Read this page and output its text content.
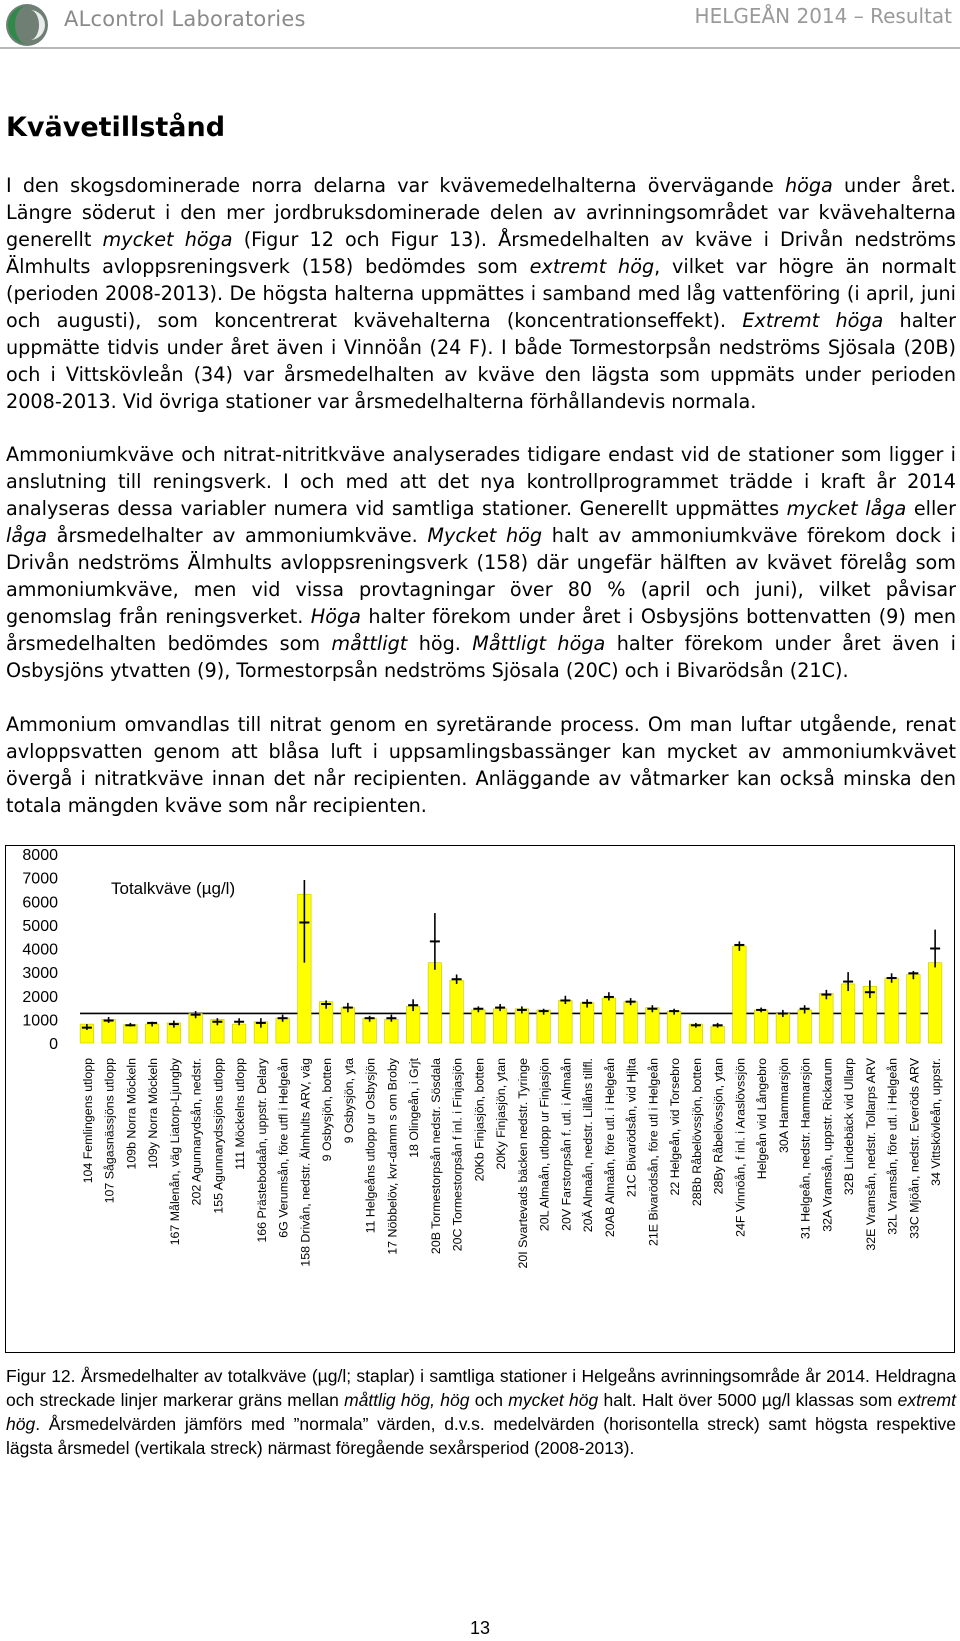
ALcontrol Laboratories	HELGEÅN 2014 – Resultat
Kvävetillstånd

I den skogsdominerade norra delarna var kvävemedelhalterna övervägande höga under året. Längre söderut i den mer jordbruksdominerade delen av avrinningsområdet var kvävehalterna generellt mycket höga (Figur 12 och Figur 13). Årsmedelhalten av kväve i Drivån nedströms Älmhults avloppsreningsverk (158) bedömdes som extremt hög, vilket var högre än normalt (perioden 2008-2013). De högsta halterna uppmättes i samband med låg vattenföring (i april, juni och augusti), som koncentrerat kvävehalterna (koncentrationseffekt). Extremt höga halter uppmätte tidvis under året även i Vinnöån (24 F). I både Tormestorpsån nedströms Sjösala (20B) och i Vittskövleån (34) var årsmedelhalten av kväve den lägsta som uppmäts under perioden 2008-2013. Vid övriga stationer var årsmedelhalterna förhållandevis normala.

Ammoniumkväve och nitrat-nitritkväve analyserades tidigare endast vid de stationer som ligger i anslutning till reningsverk. I och med att det nya kontrollprogrammet trädde i kraft år 2014 analyseras dessa variabler numera vid samtliga stationer. Generellt uppmättes mycket låga eller låga årsmedelhalter av ammoniumkväve. Mycket hög halt av ammoniumkväve förekom dock i Drivån nedströms Älmhults avloppsreningsverk (158) där ungefär hälften av kvävet förelåg som ammoniumkväve, men vid vissa provtagningar över 80 % (april och juni), vilket påvisar genomslag från reningsverket. Höga halter förekom under året i Osbysjöns bottenvatten (9) men årsmedelhalten bedömdes som måttligt hög. Måttligt höga halter förekom under året även i Osbysjöns ytvatten (9), Tormestorpsån nedströms Sjösala (20C) och i Bivarödsån (21C).

Ammonium omvandlas till nitrat genom en syretärande process. Om man luftar utgående, renat avloppsvatten genom att blåsa luft i uppsamlingsbassänger kan mycket av ammoniumkvävet övergå i nitratkväve innan det når recipienten. Anläggande av våtmarker kan också minska den totala mängden kväve som når recipienten.

0
1000
2000
3000
4000
5000
6000
7000
8000
Totalkväve (µg/l)
104 Femlingens utlopp 107 Sågasnässjöns utlopp 109b Norra Möckeln 109y Norra Möckeln 167 Målenån, väg Liatorp-Ljungby 202 Agunnarydsån, nedstr. 155 Agunnarydssjöns utlopp 111 Möckelns utlopp 166 Prästebodaån, uppstr. Delary 6G Verumsån, före utfl i Helgeån 158 Drivån, nedstr. Älmhults ARV, väg 9 Osbysjön, botten 9 Osbysjön, yta 11 Helgeåns utlopp ur Osbysjön 17 Nöbbelöv, kvr-damm s om Broby 18 Olingeån, i Grjt 20B Tormestorpsån nedstr. Sösdala 20C Tormestorpsån f inl. i Finjasjön 20Kb Finjasjön, botten 20Ky Finjasjön, ytan 20I Svartevads bäcken nedstr. Tyringe 20L Almaån, utlopp ur Finjasjön 20V Farstorpsån f. utl. i Almaån 20Ä Almaån, nedstr. Lillåns tillfl. 20AB Almaån, före utl. i Helgeån 21C Bivarödsån, vid Hjlta 21E Bivarödsån, före utl i Helgeån 22 Helgeån, vid Torsebro 28Bb Råbelövssjön, botten 28By Råbelövssjön, ytan 24F Vinnöån, f inl. i Araslövssjön Helgeån vid Långebro 30A Hammarsjön 31 Helgeån, nedstr. Hammarsjön 32A Vramsån, uppstr. Rickarum 32B Lindebäck vid Ullarp 32E Vramsån, nedstr. Tollarps ARV 32L Vramsån, före utl. i Helgeån 33C Mjöån, nedstr. Everöds ARV 34 Vittskövleån, uppstr.

Figur 12. Årsmedelhalter av totalkväve (µg/l; staplar) i samtliga stationer i Helgeåns avrinningsområde år 2014. Heldragna och streckade linjer markerar gräns mellan måttlig hög, hög och mycket hög halt. Halt över 5000 µg/l klassas som extremt hög. Årsmedelvärden jämförs med ”normala” värden, d.v.s. medelvärden (horisontella streck) samt högsta respektive lägsta årsmedel (vertikala streck) närmast föregående sexårsperiod (2008-2013).

13
